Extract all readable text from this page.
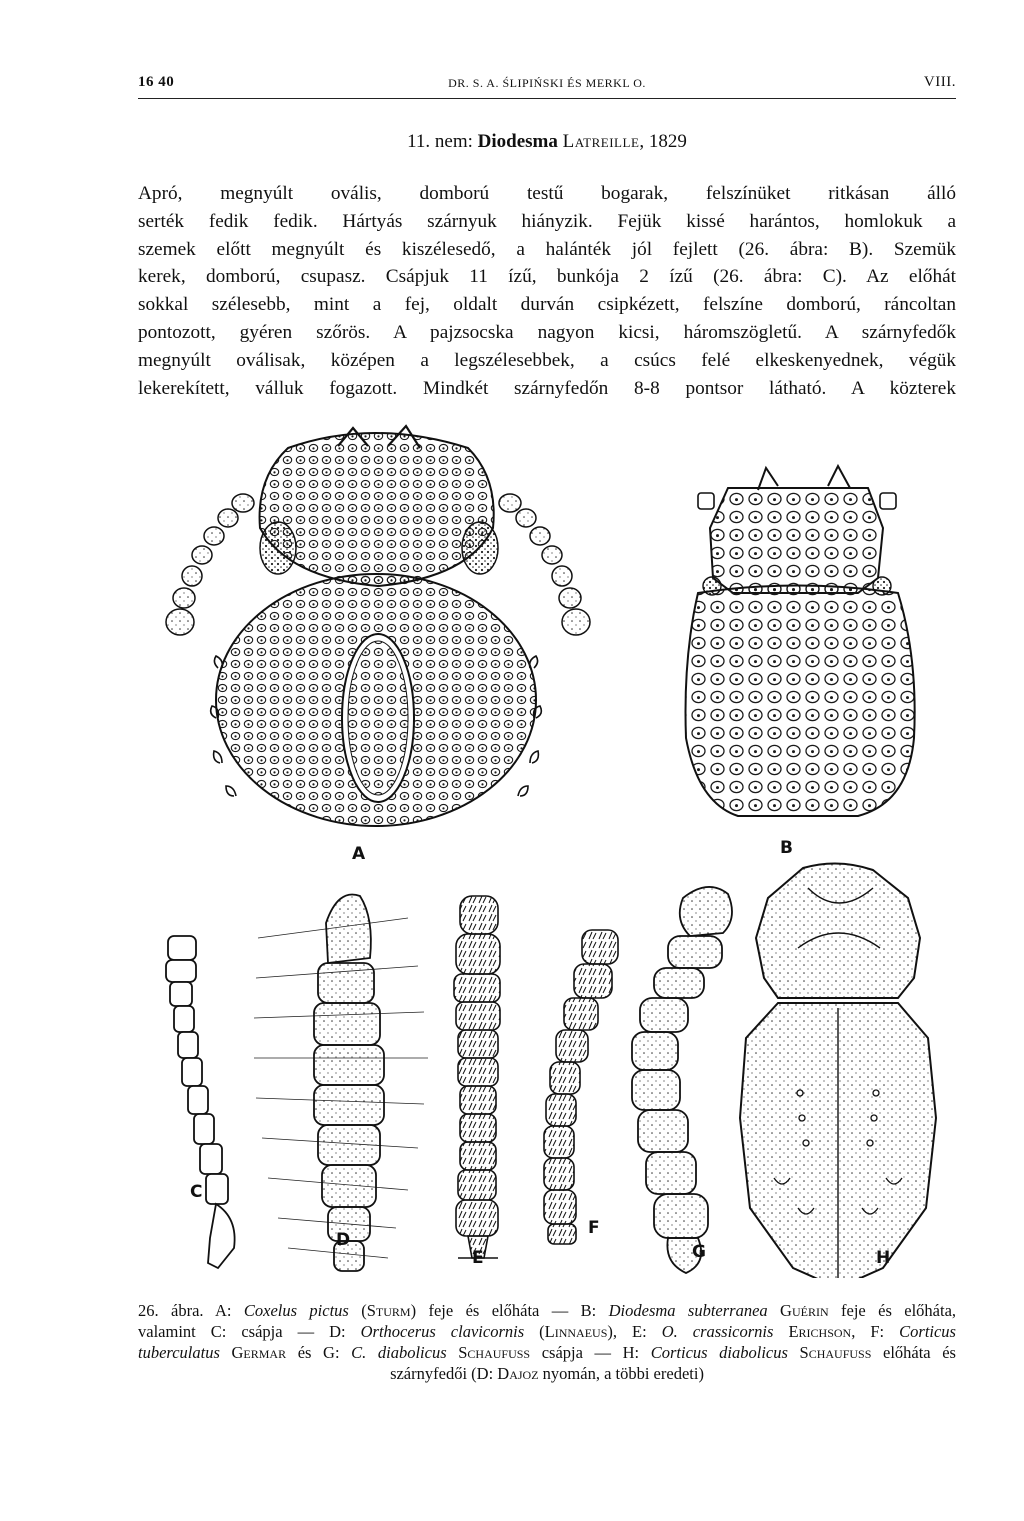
16 40	DR. S. A. ŚLIPIŃSKI ÉS MERKL O.	VIII.
11. nem: Diodesma Latreille, 1829
Apró, megnyúlt ovális, domború testű bogarak, felszínüket ritkásan álló
serték fedik fedik. Hártyás szárnyuk hiányzik. Fejük kissé harántos, homlokuk a
szemek előtt megnyúlt és kiszélesedő, a halánték jól fejlett (26. ábra: B). Szemük
kerek, domború, csupasz. Csápjuk 11 ízű, bunkója 2 ízű (26. ábra: C). Az előhát
sokkal szélesebb, mint a fej, oldalt durván csipkézett, felszíne domború, ráncoltan
pontozott, gyéren szőrös. A pajzsocska nagyon kicsi, háromszögletű. A szárnyfedők
megnyúlt oválisak, középen a legszélesebbek, a csúcs felé elkeskenyednek, végük
lekerekített, válluk fogazott. Mindkét szárnyfedőn 8-8 pontsor látható. A közterek
A	B
C
D
E
F
G	H
26. ábra. A: Coxelus pictus (Sturm) feje és előháta — B: Diodesma subterranea Guérin feje és előháta,
valamint C: csápja — D: Orthocerus clavicornis (Linnaeus), E: O. crassicornis Erichson, F: Corticus
tuberculatus Germar és G: C. diabolicus Schaufuss csápja — H: Corticus diabolicus Schaufuss előháta és
szárnyfedői (D: Dajoz nyomán, a többi eredeti)
